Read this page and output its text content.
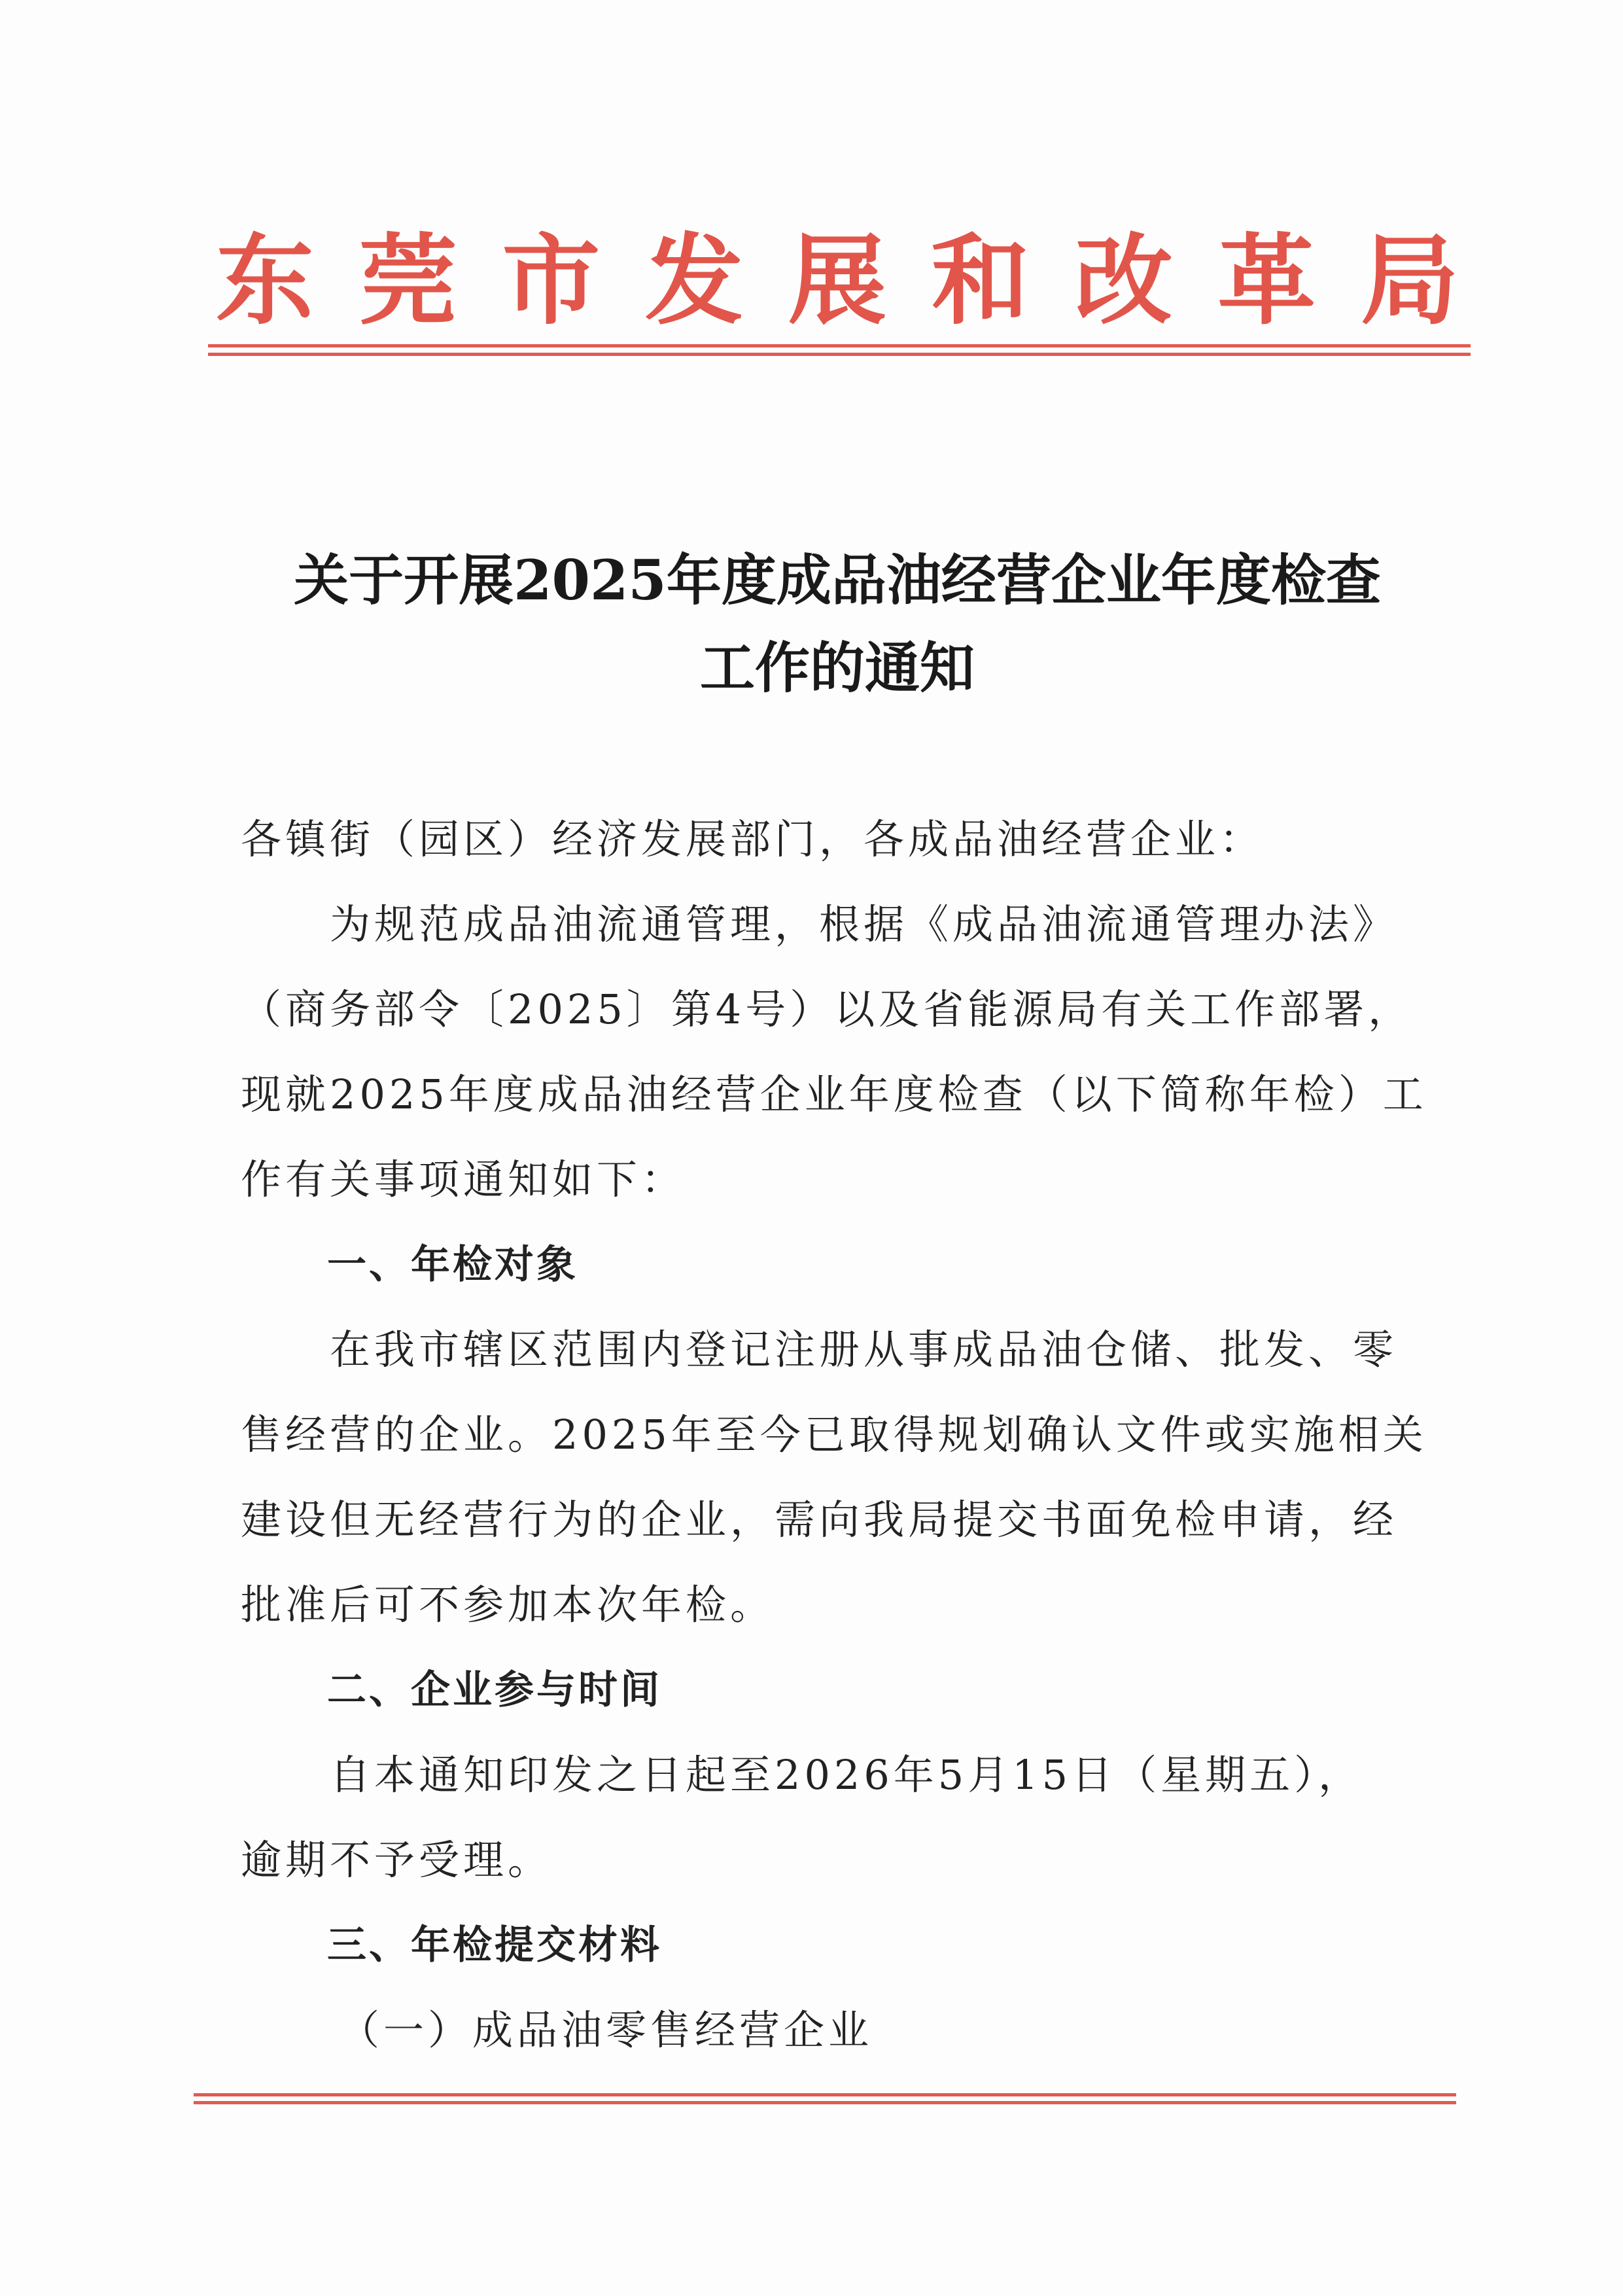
东 莞 市 发 展 和 改 革 局
关于开展2025年度成品油经营企业年度检查
工作的通知

各镇街（园区）经济发展部门，各成品油经营企业：

为规范成品油流通管理，根据《成品油流通管理办法》

（商务部令〔2025〕第4号）以及省能源局有关工作部署，

现就2025年度成品油经营企业年度检查（以下简称年检）工

作有关事项通知如下：

一、年检对象

在我市辖区范围内登记注册从事成品油仓储、批发、零

售经营的企业。2025年至今已取得规划确认文件或实施相关

建设但无经营行为的企业，需向我局提交书面免检申请，经

批准后可不参加本次年检。

二、企业参与时间

自本通知印发之日起至2026年5月15日（星期五），

逾期不予受理。

三、年检提交材料

（一）成品油零售经营企业
